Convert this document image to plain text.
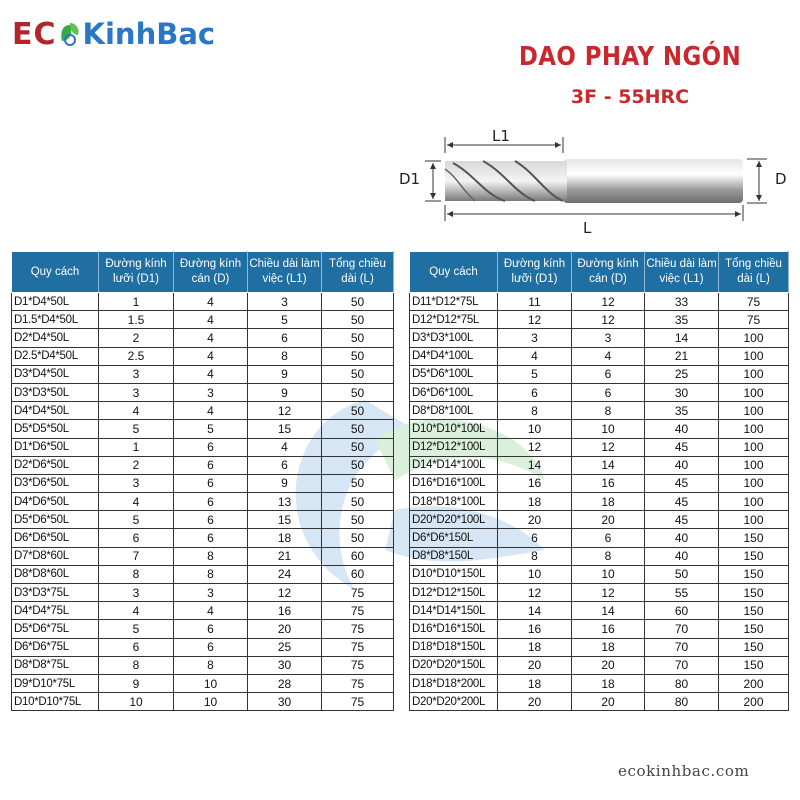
EC KinhBac
DAO PHAY NGÓN
3F - 55HRC
L1
D1	D
L
Quy cách	Đường kính lưỡi (D1)	Đường kính cán (D)	Chiều dài làm việc (L1)	Tổng chiều dài (L)
D1*D4*50L	1	4	3	50
D1.5*D4*50L	1.5	4	5	50
D2*D4*50L	2	4	6	50
D2.5*D4*50L	2.5	4	8	50
D3*D4*50L	3	4	9	50
D3*D3*50L	3	3	9	50
D4*D4*50L	4	4	12	50
D5*D5*50L	5	5	15	50
D1*D6*50L	1	6	4	50
D2*D6*50L	2	6	6	50
D3*D6*50L	3	6	9	50
D4*D6*50L	4	6	13	50
D5*D6*50L	5	6	15	50
D6*D6*50L	6	6	18	50
D7*D8*60L	7	8	21	60
D8*D8*60L	8	8	24	60
D3*D3*75L	3	3	12	75
D4*D4*75L	4	4	16	75
D5*D6*75L	5	6	20	75
D6*D6*75L	6	6	25	75
D8*D8*75L	8	8	30	75
D9*D10*75L	9	10	28	75
D10*D10*75L	10	10	30	75
Quy cách	Đường kính lưỡi (D1)	Đường kính cán (D)	Chiều dài làm việc (L1)	Tổng chiều dài (L)
D11*D12*75L	11	12	33	75
D12*D12*75L	12	12	35	75
D3*D3*100L	3	3	14	100
D4*D4*100L	4	4	21	100
D5*D6*100L	5	6	25	100
D6*D6*100L	6	6	30	100
D8*D8*100L	8	8	35	100
D10*D10*100L	10	10	40	100
D12*D12*100L	12	12	45	100
D14*D14*100L	14	14	40	100
D16*D16*100L	16	16	45	100
D18*D18*100L	18	18	45	100
D20*D20*100L	20	20	45	100
D6*D6*150L	6	6	40	150
D8*D8*150L	8	8	40	150
D10*D10*150L	10	10	50	150
D12*D12*150L	12	12	55	150
D14*D14*150L	14	14	60	150
D16*D16*150L	16	16	70	150
D18*D18*150L	18	18	70	150
D20*D20*150L	20	20	70	150
D18*D18*200L	18	18	80	200
D20*D20*200L	20	20	80	200
ecokinhbac.com
